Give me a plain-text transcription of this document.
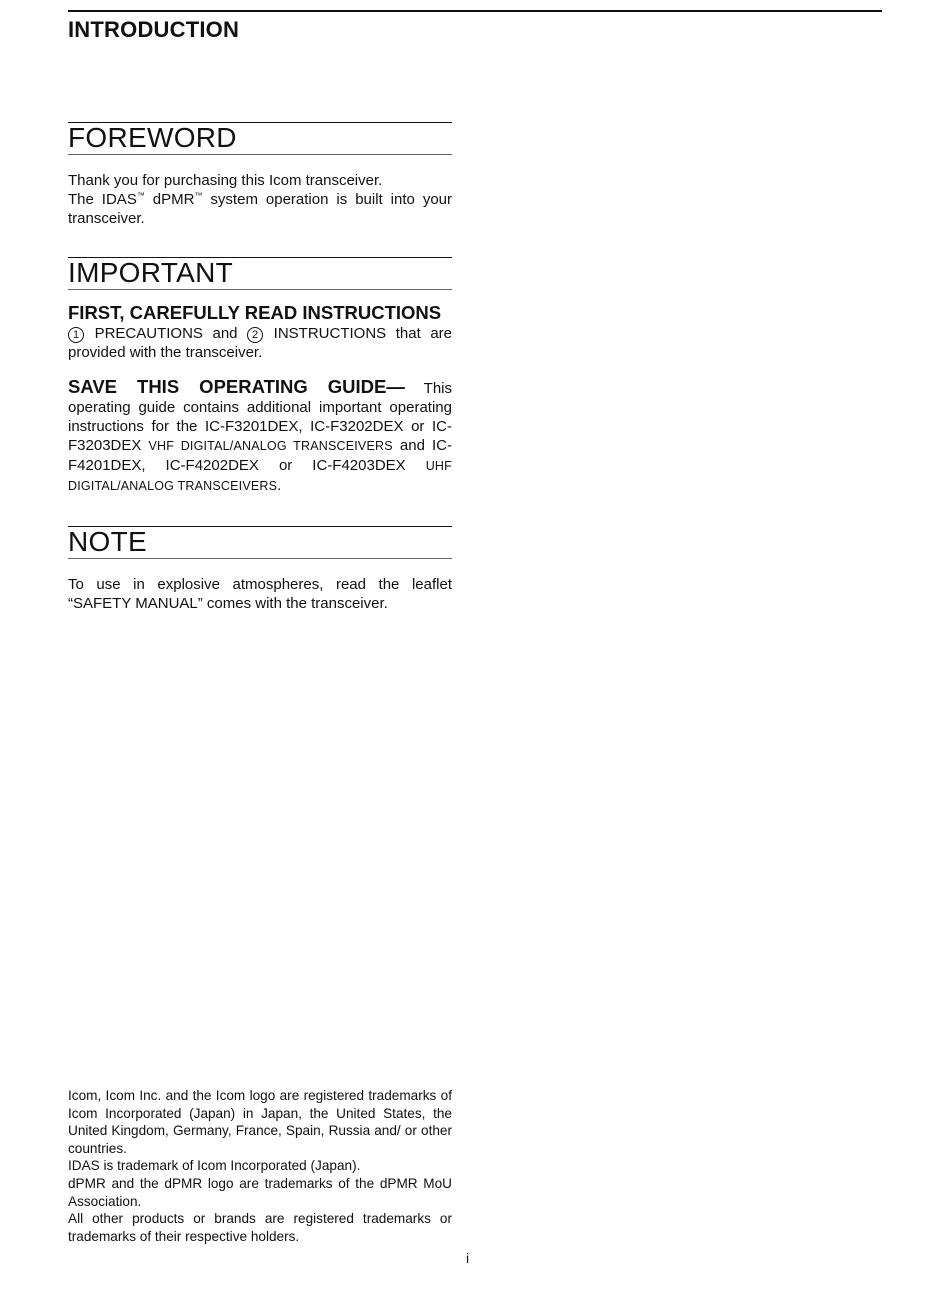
INTRODUCTION
FOREWORD

Thank you for purchasing this Icom transceiver.
The IDAS™ dPMR™ system operation is built into your transceiver.

IMPORTANT

FIRST, CAREFULLY READ INSTRUCTIONS
1 PRECAUTIONS and 2 INSTRUCTIONS that are provided with the transceiver.

SAVE THIS OPERATING GUIDE— This operating guide contains additional important operating instructions for the IC-F3201DEX, IC-F3202DEX or IC-F3203DEX VHF DIGITAL/ANALOG TRANSCEIVERS and IC-F4201DEX, IC-F4202DEX or IC-F4203DEX UHF DIGITAL/ANALOG TRANSCEIVERS.

NOTE

To use in explosive atmospheres, read the leaflet “SAFETY MANUAL” comes with the transceiver.

Icom, Icom Inc. and the Icom logo are registered trademarks of Icom Incorporated (Japan) in Japan, the United States, the United Kingdom, Germany, France, Spain, Russia and/ or other countries.

IDAS is trademark of Icom Incorporated (Japan).

dPMR and the dPMR logo are trademarks of the dPMR MoU Association.

All other products or brands are registered trademarks or trademarks of their respective holders.

i
